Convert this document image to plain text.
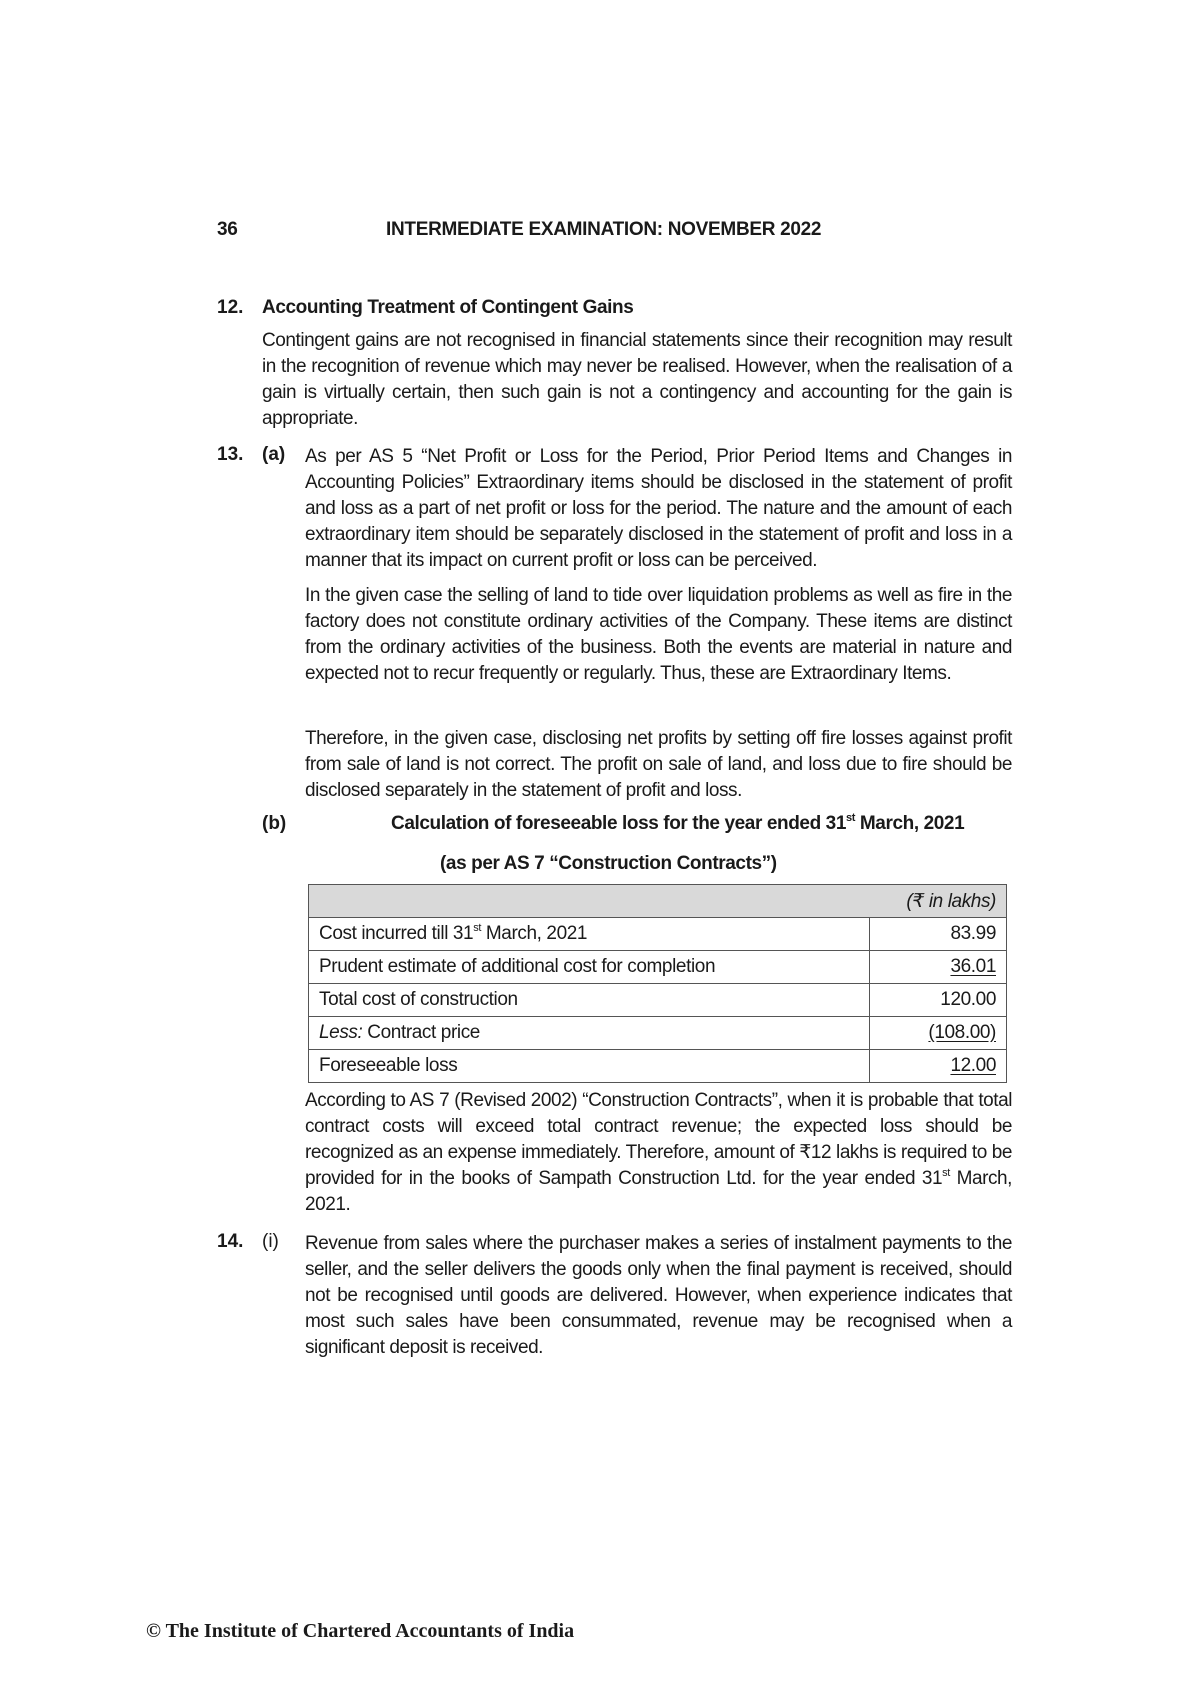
36	INTERMEDIATE EXAMINATION: NOVEMBER 2022
12. Accounting Treatment of Contingent Gains
Contingent gains are not recognised in financial statements since their recognition may result in the recognition of revenue which may never be realised. However, when the realisation of a gain is virtually certain, then such gain is not a contingency and accounting for the gain is appropriate.
13. (a) As per AS 5 “Net Profit or Loss for the Period, Prior Period Items and Changes in Accounting Policies” Extraordinary items should be disclosed in the statement of profit and loss as a part of net profit or loss for the period. The nature and the amount of each extraordinary item should be separately disclosed in the statement of profit and loss in a manner that its impact on current profit or loss can be perceived.
In the given case the selling of land to tide over liquidation problems as well as fire in the factory does not constitute ordinary activities of the Company. These items are distinct from the ordinary activities of the business. Both the events are material in nature and expected not to recur frequently or regularly. Thus, these are Extraordinary Items.
Therefore, in the given case, disclosing net profits by setting off fire losses against profit from sale of land is not correct. The profit on sale of land, and loss due to fire should be disclosed separately in the statement of profit and loss.
(b)	Calculation of foreseeable loss for the year ended 31st March, 2021
(as per AS 7 “Construction Contracts”)
(₹ in lakhs)	
Cost incurred till 31st March, 2021	83.99
Prudent estimate of additional cost for completion	36.01
Total cost of construction	120.00
Less: Contract price	(108.00)
Foreseeable loss	12.00
According to AS 7 (Revised 2002) “Construction Contracts”, when it is probable that total contract costs will exceed total contract revenue; the expected loss should be recognized as an expense immediately. Therefore, amount of ₹12 lakhs is required to be provided for in the books of Sampath Construction Ltd. for the year ended 31st March, 2021.
14. (i) Revenue from sales where the purchaser makes a series of instalment payments to the seller, and the seller delivers the goods only when the final payment is received, should not be recognised until goods are delivered. However, when experience indicates that most such sales have been consummated, revenue may be recognised when a significant deposit is received.
© The Institute of Chartered Accountants of India
